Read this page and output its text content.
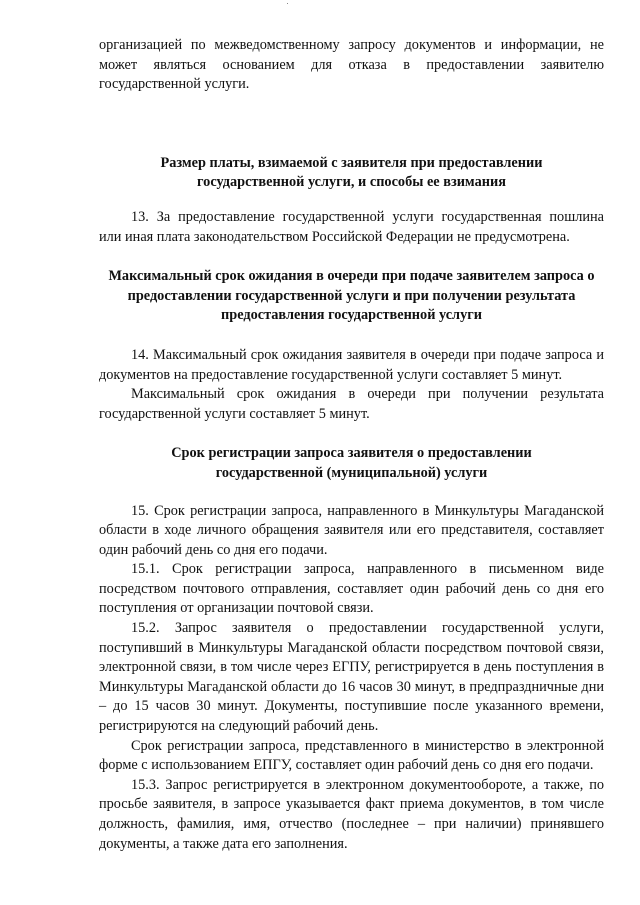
организацией по межведомственному запросу документов и информации, не может являться основанием для отказа в предоставлении заявителю государственной услуги.

Размер платы, взимаемой с заявителя при предоставлении государственной услуги, и способы ее взимания

13. За предоставление государственной услуги государственная пошлина или иная плата законодательством Российской Федерации не предусмотрена.

Максимальный срок ожидания в очереди при подаче заявителем запроса о предоставлении государственной услуги и при получении результата предоставления государственной услуги

14. Максимальный срок ожидания заявителя в очереди при подаче запроса и документов на предоставление государственной услуги составляет 5 минут.

Максимальный срок ожидания в очереди при получении результата государственной услуги составляет 5 минут.

Срок регистрации запроса заявителя о предоставлении государственной (муниципальной) услуги

15. Срок регистрации запроса, направленного в Минкультуры Магаданской области в ходе личного обращения заявителя или его представителя, составляет один рабочий день со дня его подачи.

15.1. Срок регистрации запроса, направленного в письменном виде посредством почтового отправления, составляет один рабочий день со дня его поступления от организации почтовой связи.

15.2. Запрос заявителя о предоставлении государственной услуги, поступивший в Минкультуры Магаданской области посредством почтовой связи, электронной связи, в том числе через ЕГПУ, регистрируется в день поступления в Минкультуры Магаданской области до 16 часов 30 минут, в предпраздничные дни – до 15 часов 30 минут. Документы, поступившие после указанного времени, регистрируются на следующий рабочий день.

Срок регистрации запроса, представленного в министерство в электронной форме с использованием ЕПГУ, составляет один рабочий день со дня его подачи.

15.3. Запрос регистрируется в электронном документообороте, а также, по просьбе заявителя, в запросе указывается факт приема документов, в том числе должность, фамилия, имя, отчество (последнее – при наличии) принявшего документы, а также дата его заполнения.
